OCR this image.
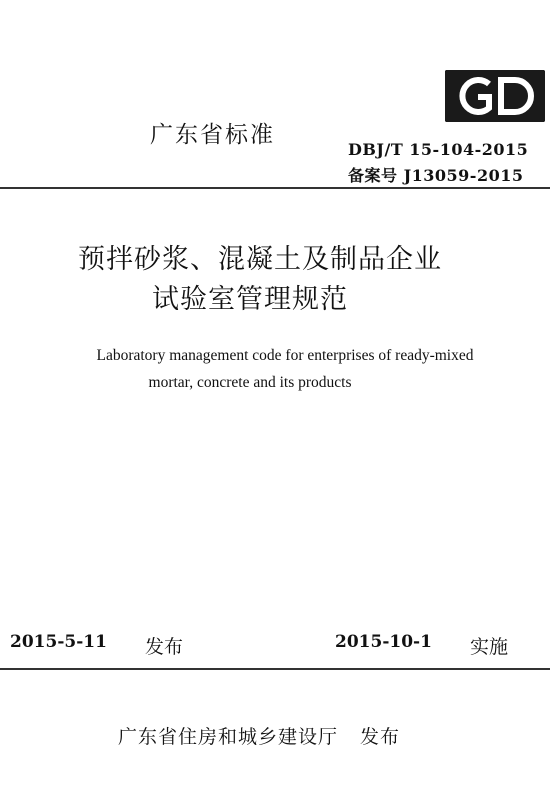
广东省标准
DBJ/T 15-104-2015
备案号 J13059-2015
预拌砂浆、混凝土及制品企业
试验室管理规范
Laboratory management code for enterprises of ready-mixed
mortar, concrete and its products
2015-5-11 发布	2015-10-1 实施
广东省住房和城乡建设厅 发布
